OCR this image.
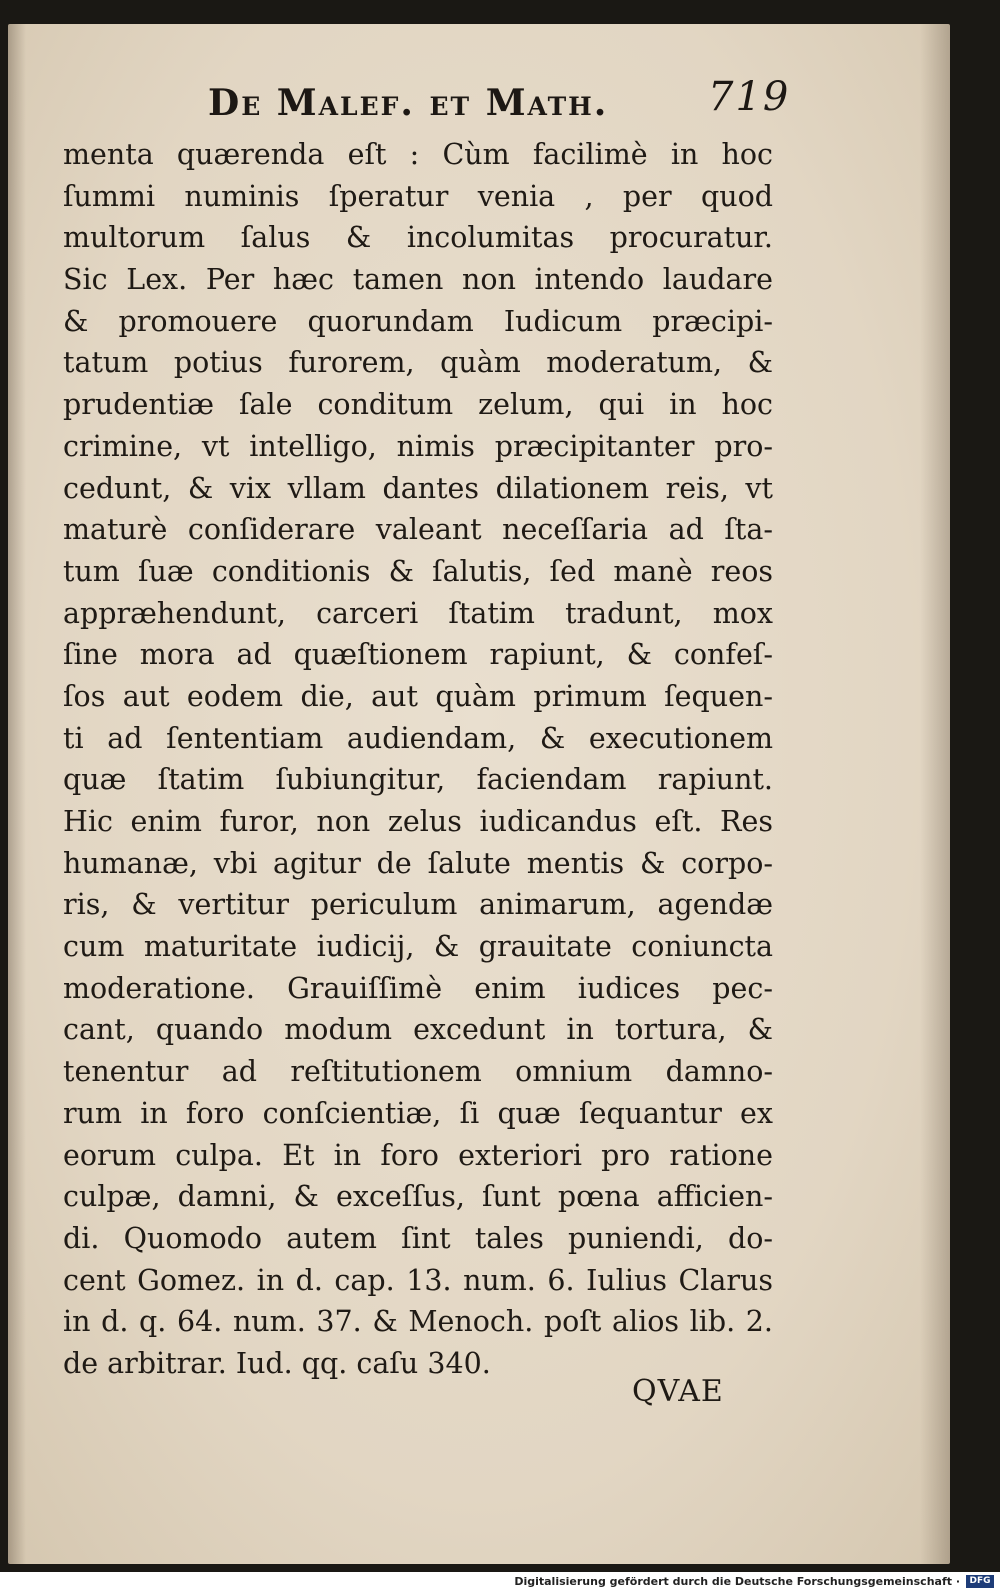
De Malef. et Math. 719
menta quærenda eſt : Cùm facilimè in hoc
ſummi numinis ſperatur venia , per quod
multorum ſalus & incolumitas procuratur.
Sic Lex. Per hæc tamen non intendo laudare
& promouere quorundam Iudicum præcipi-
tatum potius furorem, quàm moderatum, &
prudentiæ ſale conditum zelum, qui in hoc
crimine, vt intelligo, nimis præcipitanter pro-
cedunt, & vix vllam dantes dilationem reis, vt
maturè conſiderare valeant neceſſaria ad ſta-
tum ſuæ conditionis & ſalutis, ſed manè reos
appræhendunt, carceri ſtatim tradunt, mox
ſine mora ad quæſtionem rapiunt, & confeſ-
ſos aut eodem die, aut quàm primum ſequen-
ti ad ſententiam audiendam, & executionem
quæ ſtatim ſubiungitur, faciendam rapiunt.
Hic enim furor, non zelus iudicandus eſt. Res
humanæ, vbi agitur de ſalute mentis & corpo-
ris, & vertitur periculum animarum, agendæ
cum maturitate iudicij, & grauitate coniuncta
moderatione. Grauiſſimè enim iudices pec-
cant, quando modum excedunt in tortura, &
tenentur ad reſtitutionem omnium damno-
rum in foro conſcientiæ, ſi quæ ſequantur ex
eorum culpa. Et in foro exteriori pro ratione
culpæ, damni, & exceſſus, ſunt pœna afficien-
di. Quomodo autem ſint tales puniendi, do-
cent Gomez. in d. cap. 13. num. 6. Iulius Clarus
in d. q. 64. num. 37. & Menoch. poſt alios lib. 2.
de arbitrar. Iud. qq. caſu 340.
QVAE
Digitalisierung gefördert durch die Deutsche Forschungsgemeinschaft ·	DFG
